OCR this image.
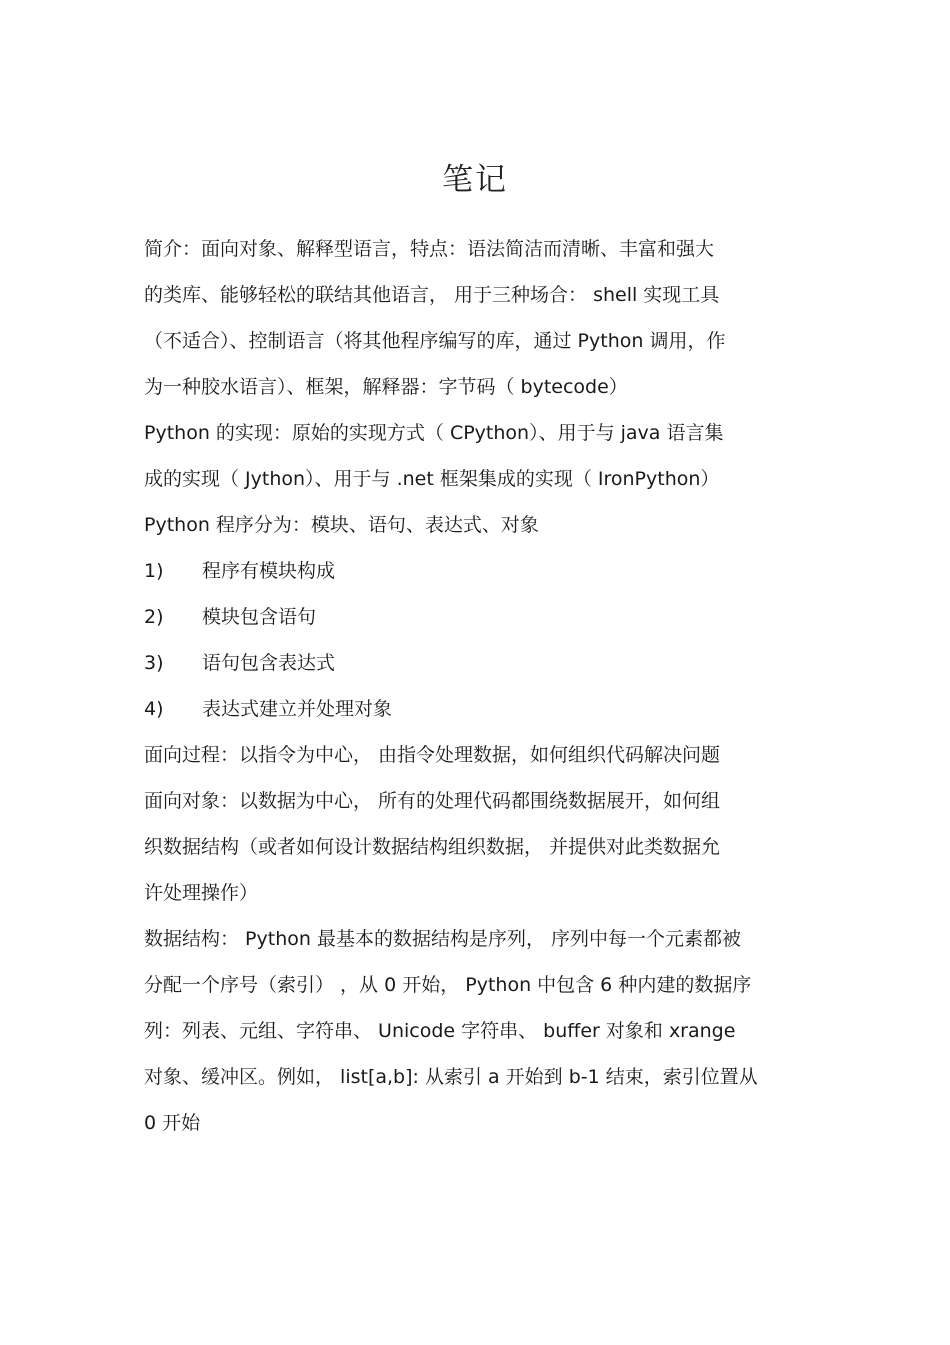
笔记
简介：面向对象、解释型语言，特点：语法简洁而清晰、丰富和强大
的类库、能够轻松的联结其他语言， 用于三种场合： shell 实现工具
（不适合）、控制语言（将其他程序编写的库，通过 Python 调用，作
为一种胶水语言）、框架，解释器：字节码（ bytecode）
Python 的实现：原始的实现方式（ CPython）、用于与 java 语言集
成的实现（ Jython）、用于与 .net 框架集成的实现（ IronPython）
Python 程序分为：模块、语句、表达式、对象
1) 程序有模块构成
2) 模块包含语句
3) 语句包含表达式
4) 表达式建立并处理对象
面向过程：以指令为中心， 由指令处理数据，如何组织代码解决问题
面向对象：以数据为中心， 所有的处理代码都围绕数据展开，如何组
织数据结构（或者如何设计数据结构组织数据， 并提供对此类数据允
许处理操作）
数据结构： Python 最基本的数据结构是序列， 序列中每一个元素都被
分配一个序号（索引） ，从 0 开始， Python 中包含 6 种内建的数据序
列：列表、元组、字符串、 Unicode 字符串、 buffer 对象和 xrange
对象、缓冲区。例如， list[a,b]: 从索引 a 开始到 b-1 结束，索引位置从
0 开始
